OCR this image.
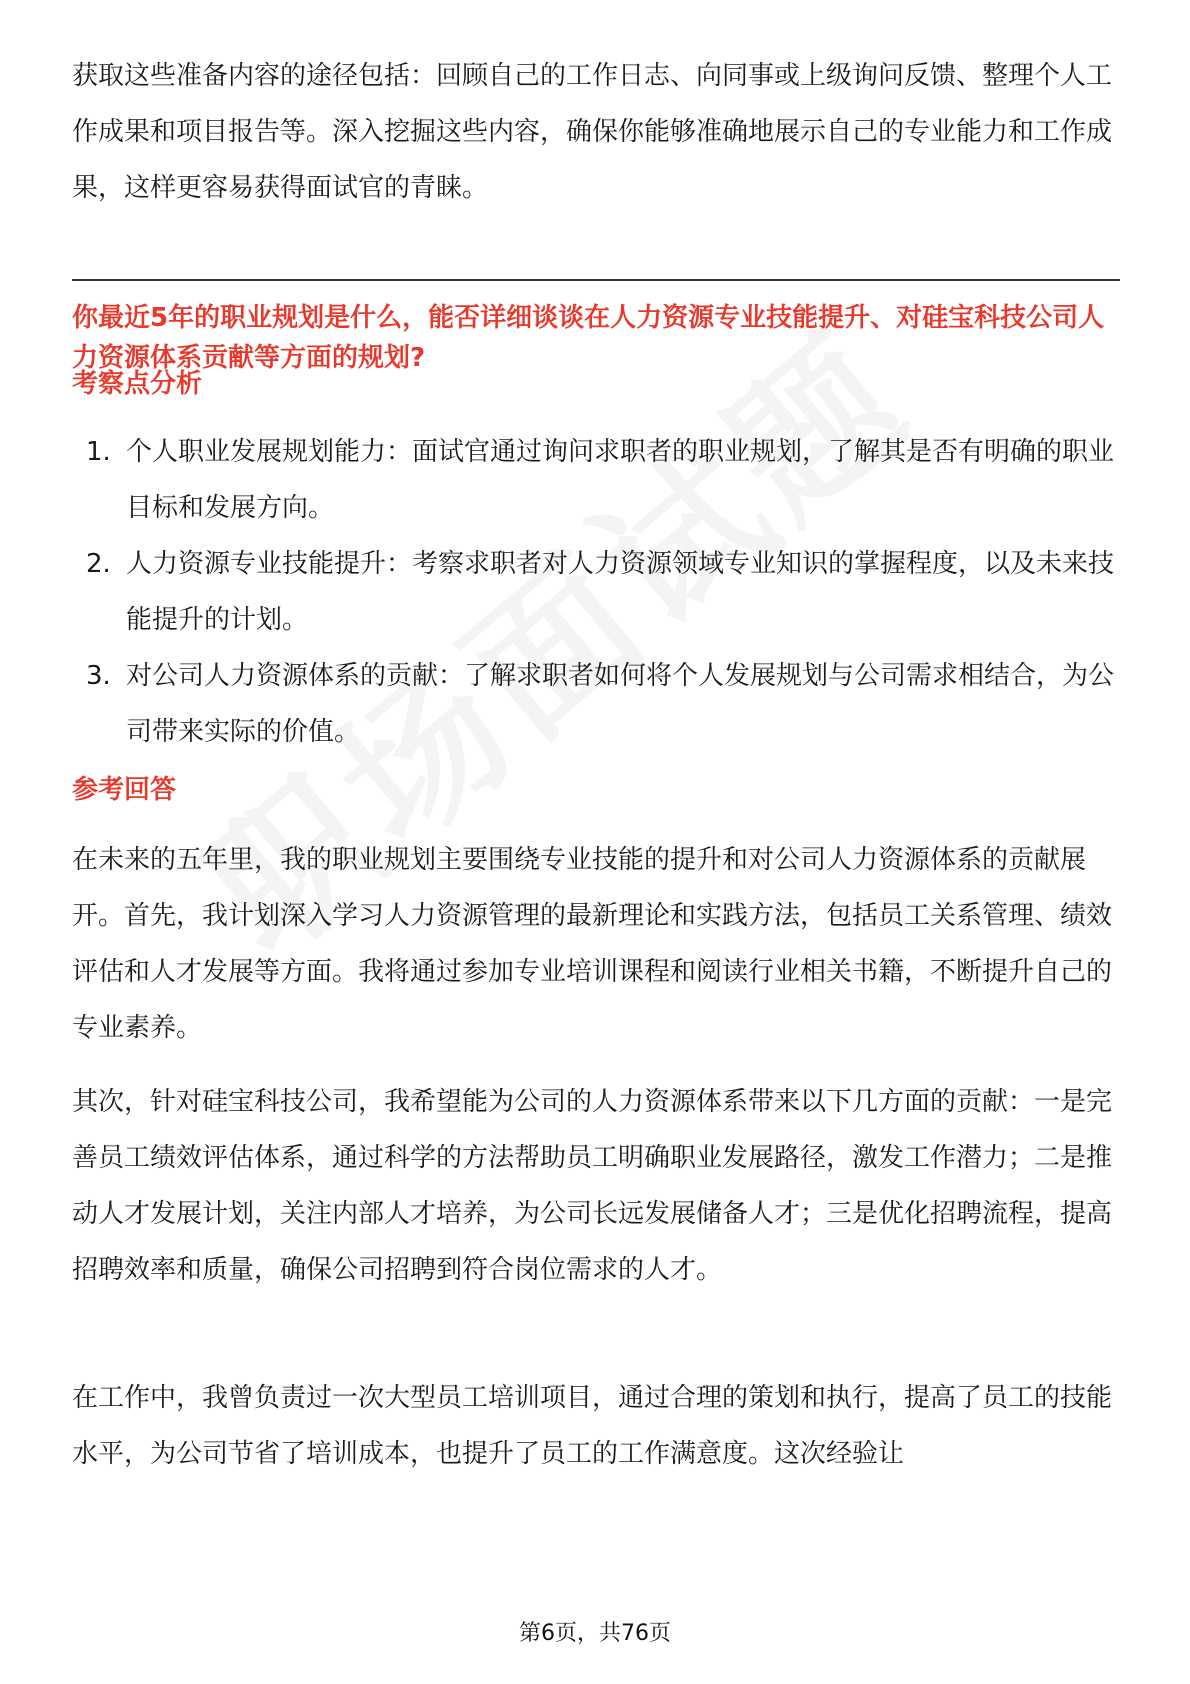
获取这些准备内容的途径包括：回顾自己的工作日志、向同事或上级询问反馈、整理个人工作成果和项目报告等。深入挖掘这些内容，确保你能够准确地展示自己的专业能力和工作成果，这样更容易获得面试官的青睐。

你最近5年的职业规划是什么，能否详细谈谈在人力资源专业技能提升、对硅宝科技公司人力资源体系贡献等方面的规划?

考察点分析

1. 个人职业发展规划能力：面试官通过询问求职者的职业规划，了解其是否有明确的职业目标和发展方向。
2. 人力资源专业技能提升：考察求职者对人力资源领域专业知识的掌握程度，以及未来技能提升的计划。
3. 对公司人力资源体系的贡献：了解求职者如何将个人发展规划与公司需求相结合，为公司带来实际的价值。

参考回答

在未来的五年里，我的职业规划主要围绕专业技能的提升和对公司人力资源体系的贡献展开。首先，我计划深入学习人力资源管理的最新理论和实践方法，包括员工关系管理、绩效评估和人才发展等方面。我将通过参加专业培训课程和阅读行业相关书籍，不断提升自己的专业素养。

其次，针对硅宝科技公司，我希望能为公司的人力资源体系带来以下几方面的贡献：一是完善员工绩效评估体系，通过科学的方法帮助员工明确职业发展路径，激发工作潜力；二是推动人才发展计划，关注内部人才培养，为公司长远发展储备人才；三是优化招聘流程，提高招聘效率和质量，确保公司招聘到符合岗位需求的人才。

在工作中，我曾负责过一次大型员工培训项目，通过合理的策划和执行，提高了员工的技能水平，为公司节省了培训成本，也提升了员工的工作满意度。这次经验让

第6页，共76页
